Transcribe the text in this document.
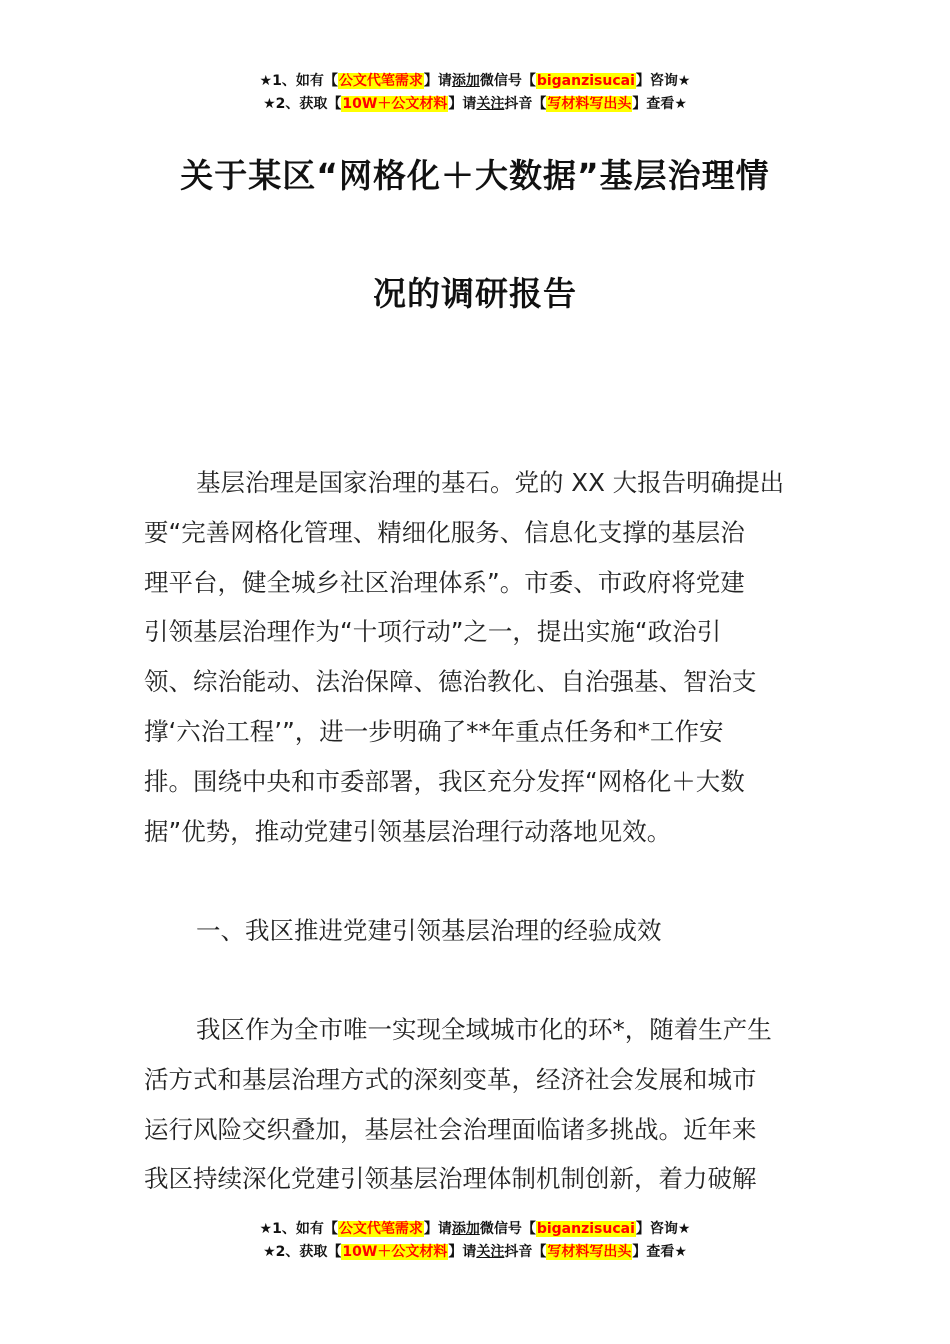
★1、如有【公文代笔需求】请添加微信号【biganzisucai】咨询★
★2、获取【10W＋公文材料】请关注抖音【写材料写出头】查看★
关于某区“网格化＋大数据”基层治理情
况的调研报告
基层治理是国家治理的基石。党的 XX 大报告明确提出
要“完善网格化管理、精细化服务、信息化支撑的基层治
理平台，健全城乡社区治理体系”。市委、市政府将党建
引领基层治理作为“十项行动”之一，提出实施“政治引
领、综治能动、法治保障、德治教化、自治强基、智治支
撑‘六治工程’”，进一步明确了**年重点任务和*工作安
排。围绕中央和市委部署，我区充分发挥“网格化＋大数
据”优势，推动党建引领基层治理行动落地见效。
一、我区推进党建引领基层治理的经验成效
我区作为全市唯一实现全域城市化的环*，随着生产生
活方式和基层治理方式的深刻变革，经济社会发展和城市
运行风险交织叠加，基层社会治理面临诸多挑战。近年来
我区持续深化党建引领基层治理体制机制创新，着力破解
★1、如有【公文代笔需求】请添加微信号【biganzisucai】咨询★
★2、获取【10W＋公文材料】请关注抖音【写材料写出头】查看★
